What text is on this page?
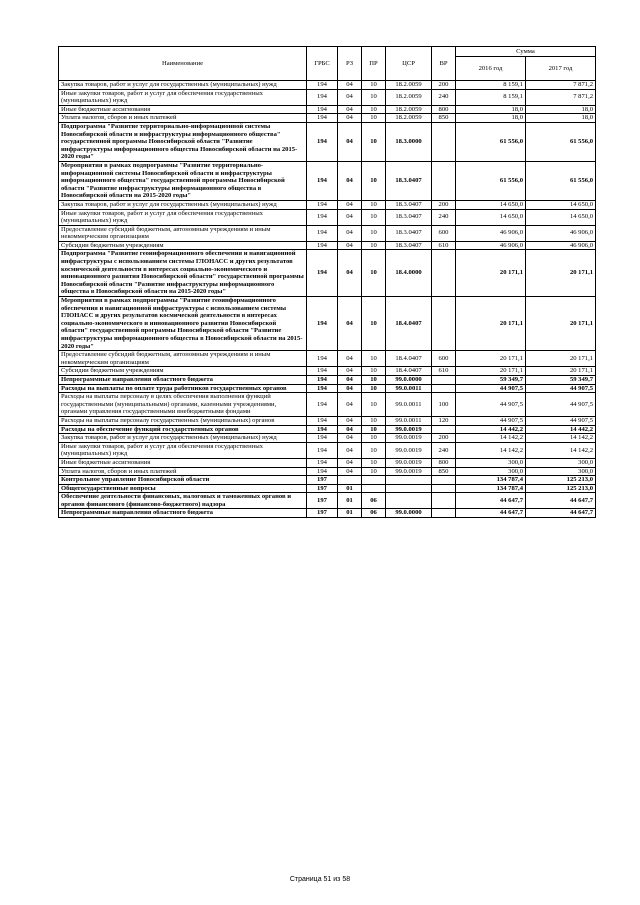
Наименование	ГРБС	РЗ	ПР	ЦСР	ВР	Сумма	
						2016 год	2017 год
Закупка товаров, работ и услуг для государственных (муниципальных) нужд	194	04	10	18.2.0059	200	8 159,1	7 871,2
Иные закупки товаров, работ и услуг для обеспечения государственных (муниципальных) нужд	194	04	10	18.2.0059	240	8 159,1	7 871,2
Иные бюджетные ассигнования	194	04	10	18.2.0059	800	18,0	18,0
Уплата налогов, сборов и иных платежей	194	04	10	18.2.0059	850	18,0	18,0
Подпрограмма "Развитие территориально-информационной системы Новосибирской области и инфраструктуры информационного общества" государственной программы Новосибирской области "Развитие инфраструктуры информационного общества Новосибирской области на 2015-2020 годы"	194	04	10	18.3.0000		61 556,0	61 556,0
Мероприятия в рамках подпрограммы "Развитие территориально-информационной системы Новосибирской области и инфраструктуры информационного общества" государственной программы Новосибирской области "Развитие инфраструктуры информационного общества в Новосибирской области на 2015-2020 годы"	194	04	10	18.3.0407		61 556,0	61 556,0
Закупка товаров, работ и услуг для государственных (муниципальных) нужд	194	04	10	18.3.0407	200	14 650,0	14 650,0
Иные закупки товаров, работ и услуг для обеспечения государственных (муниципальных) нужд	194	04	10	18.3.0407	240	14 650,0	14 650,0
Предоставление субсидий бюджетным, автономным учреждениям и иным некоммерческим организациям	194	04	10	18.3.0407	600	46 906,0	46 906,0
Субсидии бюджетным учреждениям	194	04	10	18.3.0407	610	46 906,0	46 906,0
Подпрограмма "Развитие геоинформационного обеспечения и навигационной инфраструктуры с использованием системы ГЛОНАСС и других результатов космической деятельности в интересах социально-экономического и инновационного развития Новосибирской области" государственной программы Новосибирской области "Развитие инфраструктуры информационного общества в Новосибирской области на 2015-2020 годы"	194	04	10	18.4.0000		20 171,1	20 171,1
Мероприятия в рамках подпрограммы "Развитие геоинформационного обеспечения и навигационной инфраструктуры с использованием системы ГЛОНАСС и других результатов космической деятельности в интересах социально-экономического и инновационного развития Новосибирской области" государственной программы Новосибирской области "Развитие инфраструктуры информационного общества в Новосибирской области на 2015-2020 годы"	194	04	10	18.4.0407		20 171,1	20 171,1
Предоставление субсидий бюджетным, автономным учреждениям и иным некоммерческим организациям	194	04	10	18.4.0407	600	20 171,1	20 171,1
Субсидии бюджетным учреждениям	194	04	10	18.4.0407	610	20 171,1	20 171,1
Непрограммные направления областного бюджета	194	04	10	99.0.0000		59 349,7	59 349,7
Расходы на выплаты по оплате труда работников государственных органов	194	04	10	99.0.0011		44 907,5	44 907,5
Расходы на выплаты персоналу в целях обеспечения выполнения функций государственными (муниципальными) органами, казенными учреждениями, органами управления государственными внебюджетными фондами	194	04	10	99.0.0011	100	44 907,5	44 907,5
Расходы на выплаты персоналу государственных (муниципальных) органов	194	04	10	99.0.0011	120	44 907,5	44 907,5
Расходы на обеспечение функций государственных органов	194	04	10	99.0.0019		14 442,2	14 442,2
Закупка товаров, работ и услуг для государственных (муниципальных) нужд	194	04	10	99.0.0019	200	14 142,2	14 142,2
Иные закупки товаров, работ и услуг для обеспечения государственных (муниципальных) нужд	194	04	10	99.0.0019	240	14 142,2	14 142,2
Иные бюджетные ассигнования	194	04	10	99.0.0019	800	300,0	300,0
Уплата налогов, сборов и иных платежей	194	04	10	99.0.0019	850	300,0	300,0
Контрольное управление Новосибирской области	197					134 787,4	125 213,0
Общегосударственные вопросы	197	01				134 787,4	125 213,0
Обеспечение деятельности финансовых, налоговых и таможенных органов и органов финансового (финансово-бюджетного) надзора	197	01	06			44 647,7	44 647,7
Непрограммные направления областного бюджета	197	01	06	99.0.0000		44 647,7	44 647,7
Страница 51 из 58
